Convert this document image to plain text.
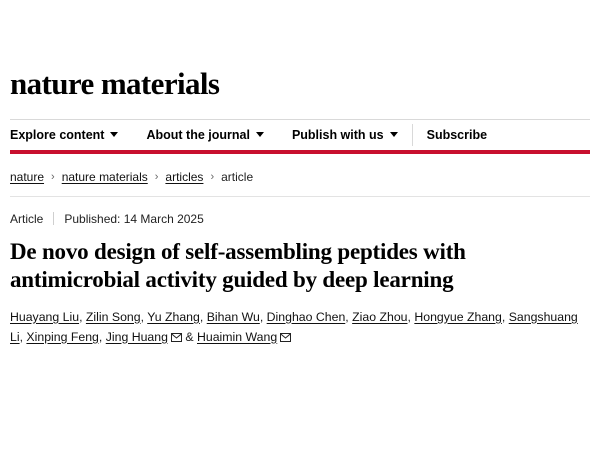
nature materials
Explore content	About the journal	Publish with us	Subscribe
nature › nature materials › articles › article
Article Published: 14 March 2025
De novo design of self-assembling peptides with antimicrobial activity guided by deep learning
Huayang Liu, Zilin Song, Yu Zhang, Bihan Wu, Dinghao Chen, Ziao Zhou, Hongyue Zhang, Sangshuang Li, Xinping Feng, Jing Huang
& Huaimin Wang
